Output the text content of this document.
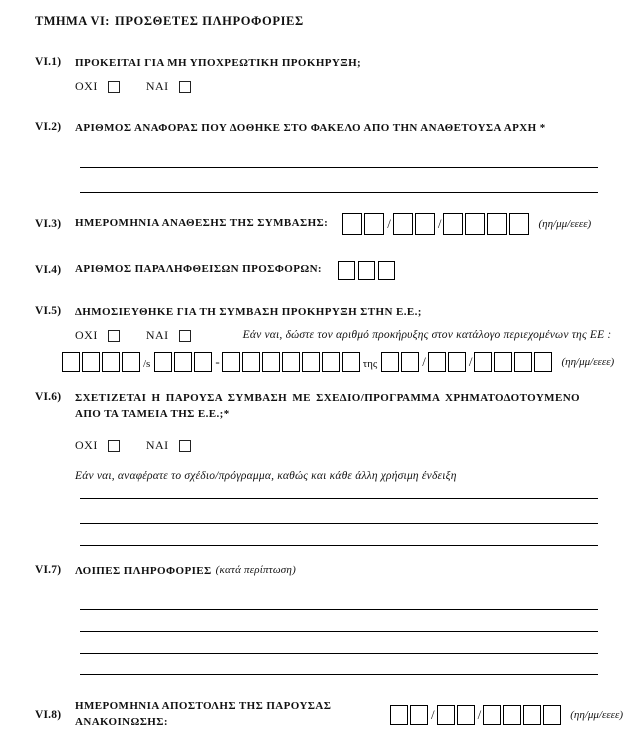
ΤΜΗΜΑ VI: ΠΡΟΣΘΕΤΕΣ ΠΛΗΡΟΦΟΡΙΕΣ
VI.1)	ΠΡΟΚΕΙΤΑΙ ΓΙΑ ΜΗ ΥΠΟΧΡΕΩΤΙΚΗ ΠΡΟΚΗΡΥΞΗ;
ΟΧΙ	ΝΑΙ
VI.2)	ΑΡΙΘΜΟΣ ΑΝΑΦΟΡΑΣ ΠΟΥ ΔΟΘΗΚΕ ΣΤΟ ΦΑΚΕΛΟ ΑΠΟ ΤΗΝ ΑΝΑΘΕΤΟΥΣΑ ΑΡΧΗ *
VI.3)	ΗΜΕΡΟΜΗΝΙΑ ΑΝΑΘΕΣΗΣ ΤΗΣ ΣΥΜΒΑΣΗΣ:	/	/	(ηη/μμ/εεεε)
VI.4)	ΑΡΙΘΜΟΣ ΠΑΡΑΛΗΦΘΕΙΣΩΝ ΠΡΟΣΦΟΡΩΝ:
VI.5)	ΔΗΜΟΣΙΕΥΘΗΚΕ ΓΙΑ ΤΗ ΣΥΜΒΑΣΗ ΠΡΟΚΗΡΥΞΗ ΣΤΗΝ Ε.Ε.;
ΟΧΙ	ΝΑΙ	Εάν ναι, δώστε τον αριθμό προκήρυξης στον κατάλογο περιεχομένων της ΕΕ :
/s	-	της	/	/	(ηη/μμ/εεεε)
VI.6)	ΣΧΕΤΙΖΕΤΑΙ Η ΠΑΡΟΥΣΑ ΣΥΜΒΑΣΗ ΜΕ ΣΧΕΔΙΟ/ΠΡΟΓΡΑΜΜΑ ΧΡΗΜΑΤΟΔΟΤΟΥΜΕΝΟ ΑΠΟ ΤΑ ΤΑΜΕΙΑ ΤΗΣ Ε.Ε.;*
ΟΧΙ	ΝΑΙ
Εάν ναι, αναφέρατε το σχέδιο/πρόγραμμα, καθώς και κάθε άλλη χρήσιμη ένδειξη
VI.7)	ΛΟΙΠΕΣ ΠΛΗΡΟΦΟΡΙΕΣ (κατά περίπτωση)
VI.8)
ΗΜΕΡΟΜΗΝΙΑ ΑΠΟΣΤΟΛΗΣ ΤΗΣ ΠΑΡΟΥΣΑΣ ΑΝΑΚΟΙΝΩΣΗΣ:	/	/	(ηη/μμ/εεεε)
